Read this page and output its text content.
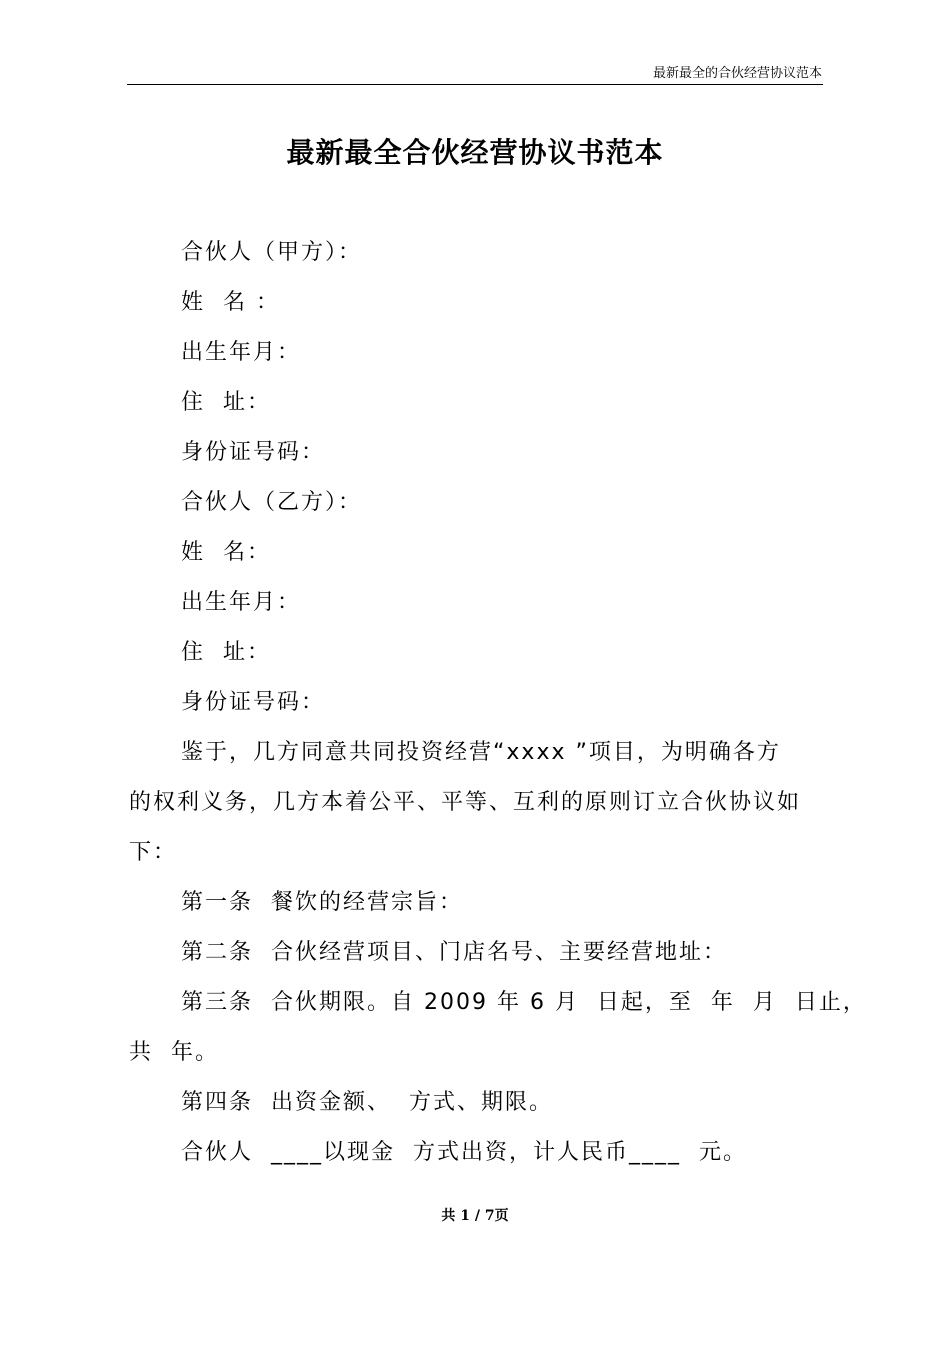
最新最全的合伙经营协议范本
最新最全合伙经营协议书范本
合伙人（甲方）：
姓  名 ：
出生年月：
住  址：
身份证号码：
合伙人（乙方）：
姓  名：
出生年月：
住  址：
身份证号码：
鉴于，几方同意共同投资经营“xxxx ”项目，为明确各方
的权利义务，几方本着公平、平等、互利的原则订立合伙协议如
下：
第一条  餐饮的经营宗旨：
第二条  合伙经营项目、门店名号、主要经营地址：
第三条  合伙期限。自 2009 年 6 月  日起，至  年  月  日止，
共  年。
第四条  出资金额、  方式、期限。
合伙人  ____以现金  方式出资，计人民币____  元。
共 1 / 7页
